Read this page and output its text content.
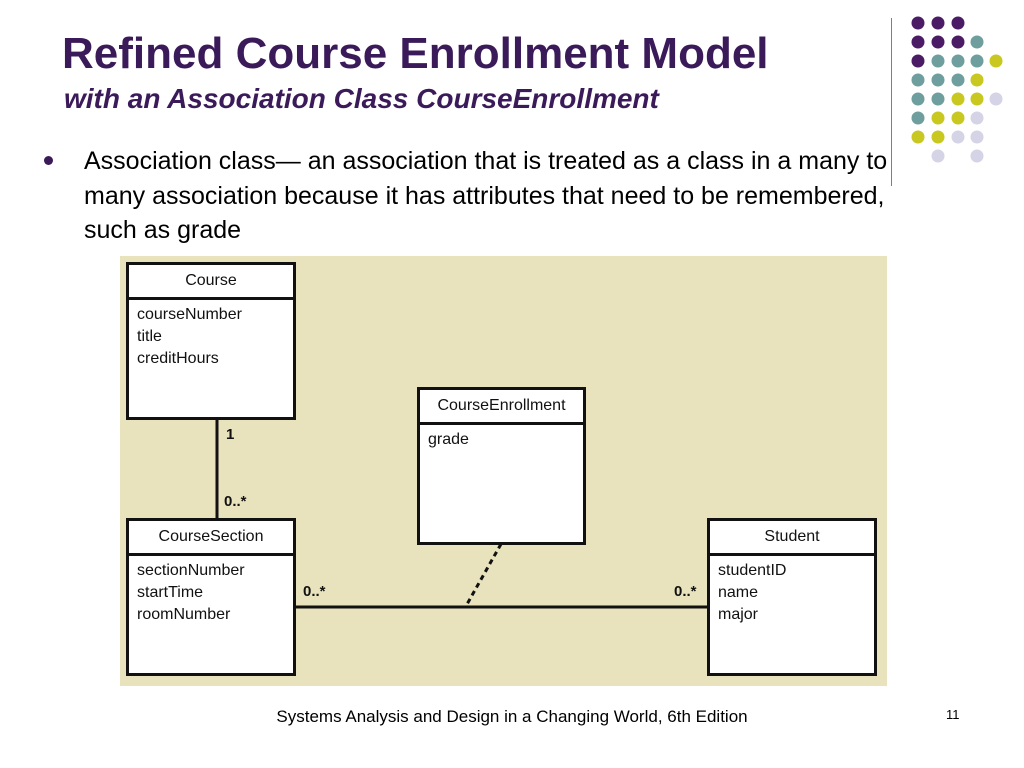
Refined Course Enrollment Model
with an Association Class CourseEnrollment
Association class— an association that is treated as a class in a many to many association because it has attributes that need to be remembered, such as grade
Course
courseNumber
title
creditHours
CourseEnrollment
grade
CourseSection
sectionNumber
startTime
roomNumber
Student
studentID
name
major
1
0..*
0..*	0..*
Systems Analysis and Design in a Changing World, 6th Edition	11
